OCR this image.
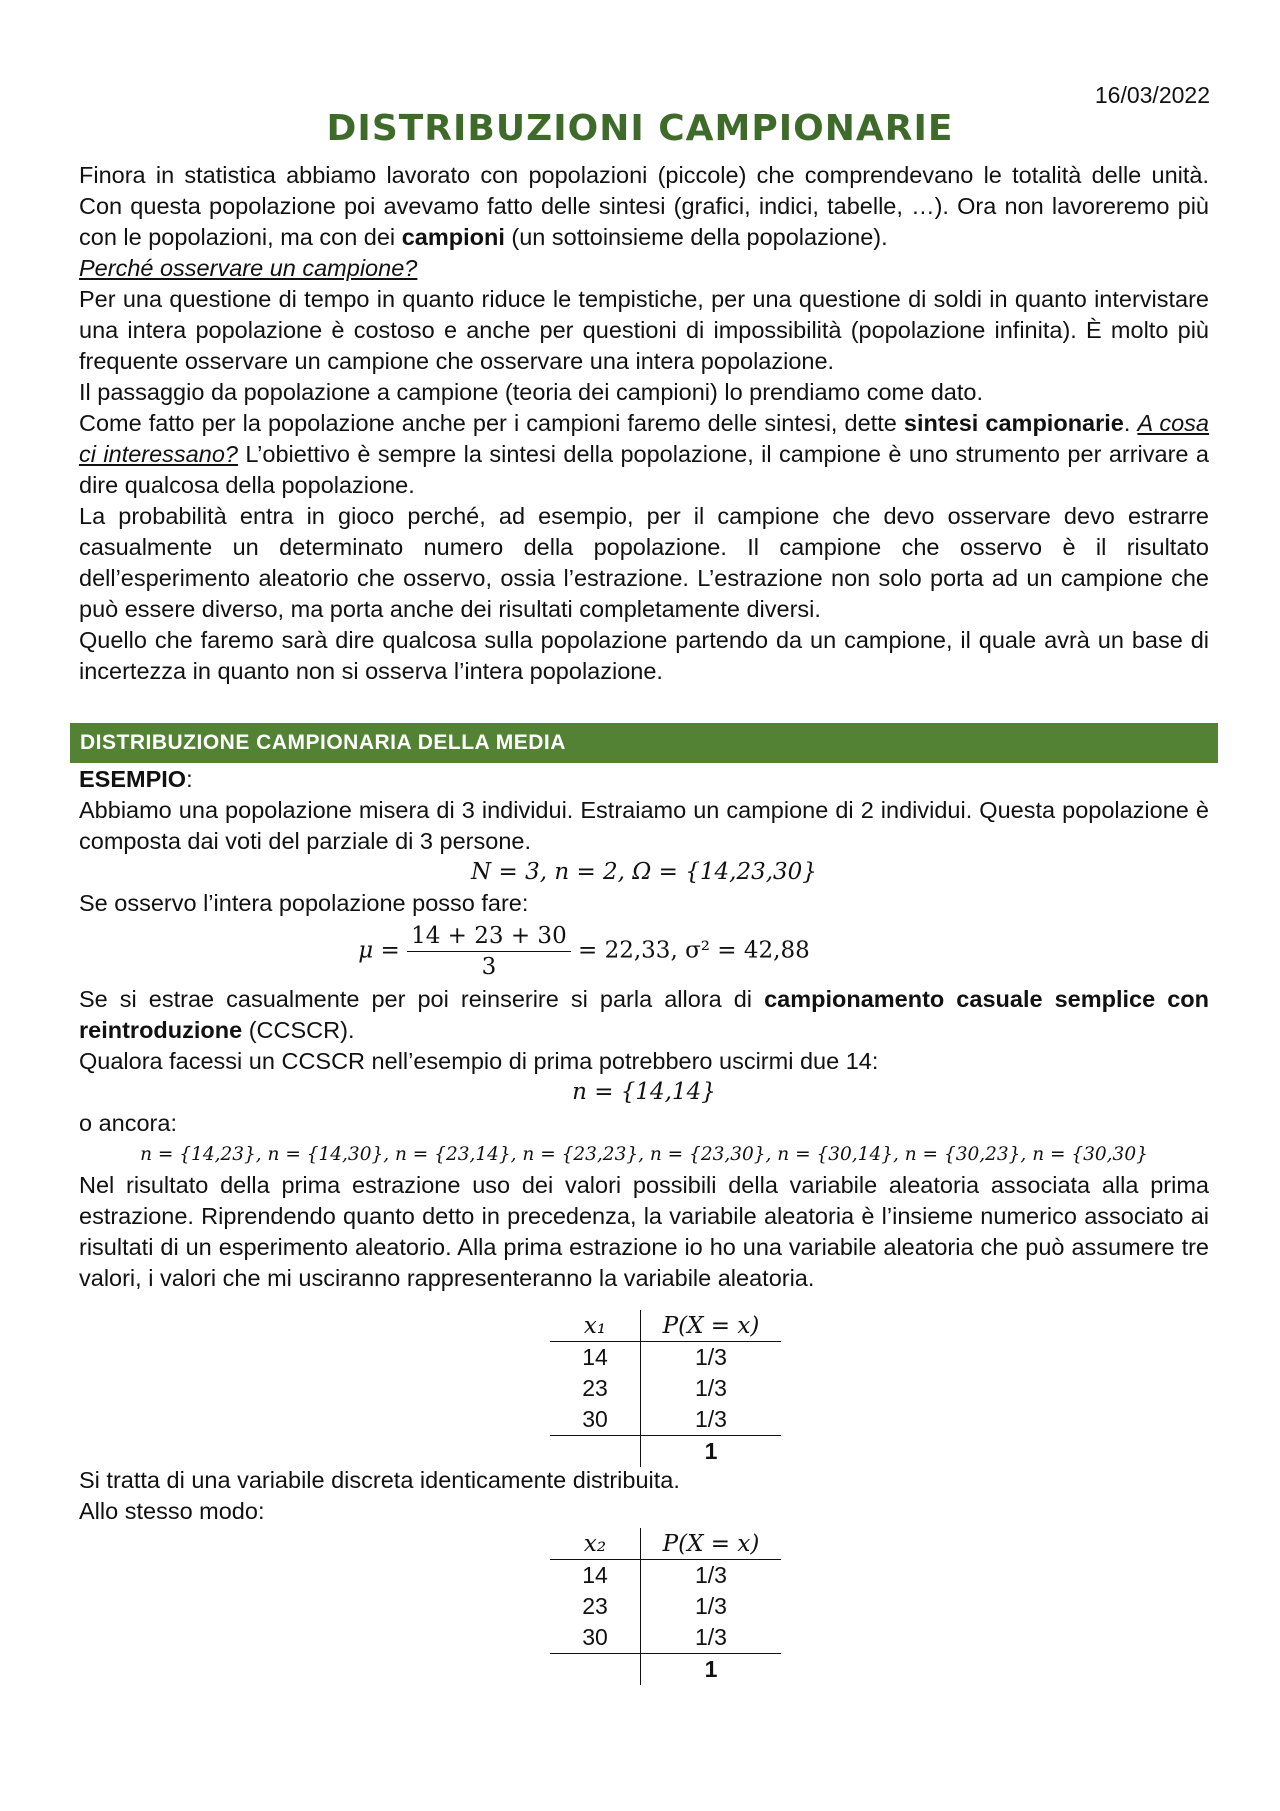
16/03/2022
DISTRIBUZIONI CAMPIONARIE

Finora in statistica abbiamo lavorato con popolazioni (piccole) che comprendevano le totalità delle unità. Con questa popolazione poi avevamo fatto delle sintesi (grafici, indici, tabelle, …). Ora non lavoreremo più con le popolazioni, ma con dei campioni (un sottoinsieme della popolazione).

Perché osservare un campione?

Per una questione di tempo in quanto riduce le tempistiche, per una questione di soldi in quanto intervistare una intera popolazione è costoso e anche per questioni di impossibilità (popolazione infinita). È molto più frequente osservare un campione che osservare una intera popolazione.

Il passaggio da popolazione a campione (teoria dei campioni) lo prendiamo come dato.

Come fatto per la popolazione anche per i campioni faremo delle sintesi, dette sintesi campionarie. A cosa ci interessano? L’obiettivo è sempre la sintesi della popolazione, il campione è uno strumento per arrivare a dire qualcosa della popolazione.

La probabilità entra in gioco perché, ad esempio, per il campione che devo osservare devo estrarre casualmente un determinato numero della popolazione. Il campione che osservo è il risultato dell’esperimento aleatorio che osservo, ossia l’estrazione. L’estrazione non solo porta ad un campione che può essere diverso, ma porta anche dei risultati completamente diversi.

Quello che faremo sarà dire qualcosa sulla popolazione partendo da un campione, il quale avrà un base di incertezza in quanto non si osserva l’intera popolazione.

DISTRIBUZIONE CAMPIONARIA DELLA MEDIA

ESEMPIO:

Abbiamo una popolazione misera di 3 individui. Estraiamo un campione di 2 individui. Questa popolazione è composta dai voti del parziale di 3 persone.

N = 3, n = 2, Ω = {14,23,30}

Se osservo l’intera popolazione posso fare:

$\mu = \frac{14 + 23 + 30}{3} = 22,33$, σ² = 42,88

Se si estrae casualmente per poi reinserire si parla allora di campionamento casuale semplice con reintroduzione (CCSCR).

Qualora facessi un CCSCR nell’esempio di prima potrebbero uscirmi due 14:

n = {14,14}

o ancora:

n = {14,23}, n = {14,30}, n = {23,14}, n = {23,23}, n = {23,30}, n = {30,14}, n = {30,23}, n = {30,30}

Nel risultato della prima estrazione uso dei valori possibili della variabile aleatoria associata alla prima estrazione. Riprendendo quanto detto in precedenza, la variabile aleatoria è l’insieme numerico associato ai risultati di un esperimento aleatorio. Alla prima estrazione io ho una variabile aleatoria che può assumere tre valori, i valori che mi usciranno rappresenteranno la variabile aleatoria.

x₁	P(X = x)
14	1/3
23	1/3
30	1/3
	1

Si tratta di una variabile discreta identicamente distribuita.

Allo stesso modo:

x₂	P(X = x)
14	1/3
23	1/3
30	1/3
	1
